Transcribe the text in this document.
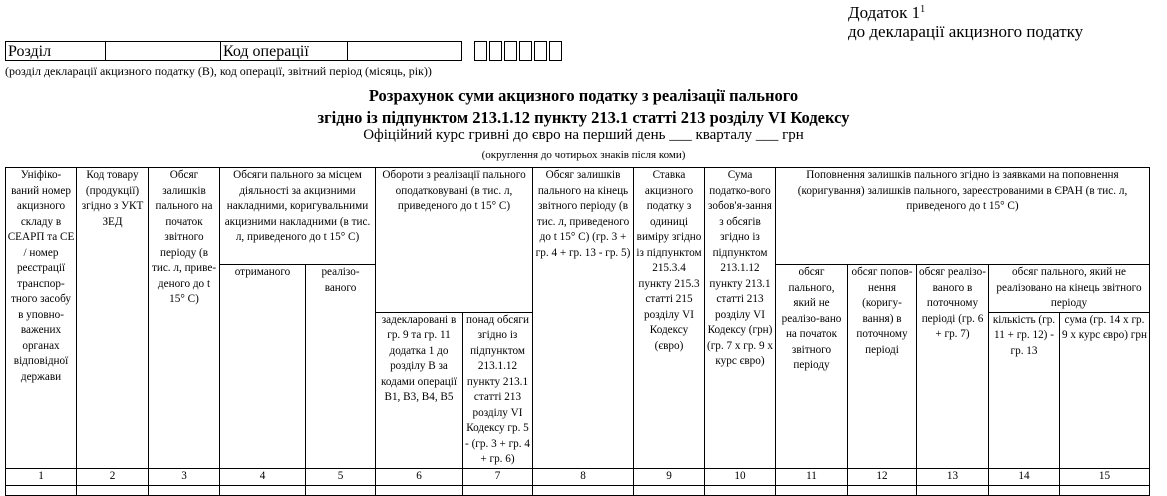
Додаток $1^1$
до декларації акцизного податку
Розділ	Код операції
(розділ декларації акцизного податку (В), код операції, звітний період (місяць, рік))
Розрахунок суми акцизного податку з реалізації пального
згідно із підпунктом 213.1.12 пункту 213.1 статті 213 розділу VI Кодексу
Офіційний курс гривні до євро на перший день ___ кварталу ___ грн
(округлення до чотирьох знаків після коми)
Уніфіко-ваний номер акцизного складу в СЕАРП та СЕ / номер реєстрації транспор-тного засобу в уповно-важених органах відповідної держави	Код товару (продукції) згідно з УКТ ЗЕД	Обсяг залишків пального на початок звітного періоду (в тис. л, приве-деного до t 15° C)	Обсяги пального за місцем діяльності за акцизними накладними, коригувальними акцизними накладними (в тис. л, приведеного до t 15° C)		Обороти з реалізації пального оподатковувані (в тис. л, приведеного до t 15° C)		Обсяг залишків пального на кінець звітного періоду (в тис. л, приведеного до t 15° C) (гр. 3 + гр. 4 + гр. 13 - гр. 5)	Ставка акцизного податку з одиниці виміру згідно із підпунктом 215.3.4 пункту 215.3 статті 215 розділу VI Кодексу (євро)	Сума податко-вого зобов'я-зання з обсягів згідно із підпунктом 213.1.12 пункту 213.1 статті 213 розділу VI Кодексу (грн) (гр. 7 х гр. 9 х курс євро)	Поповнення залишків пального згідно із заявками на поповнення (коригування) залишків пального, зареєстрованими в ЄРАН (в тис. л, приведеного до t 15° C)				
			отриманого	реалізо-ваного						обсяг пального, який не реалізо-вано на початок звітного періоду	обсяг попов-нення (коригу-вання) в поточному періоді	обсяг реалізо-ваного в поточному періоді (гр. 6 + гр. 7)	обсяг пального, який не реалізовано на кінець звітного періоду	
					задекларовані в гр. 9 та гр. 11 додатка 1 до розділу В за кодами операції В1, В3, В4, В5	понад обсяги згідно із підпунктом 213.1.12 пункту 213.1 статті 213 розділу VI Кодексу гр. 5 - (гр. 3 + гр. 4 + гр. 6)							кількість (гр. 11 + гр. 12) - гр. 13	сума (гр. 14 х гр. 9 х курс євро) грн
1	2	3	4	5	6	7	8	9	10	11	12	13	14	15
